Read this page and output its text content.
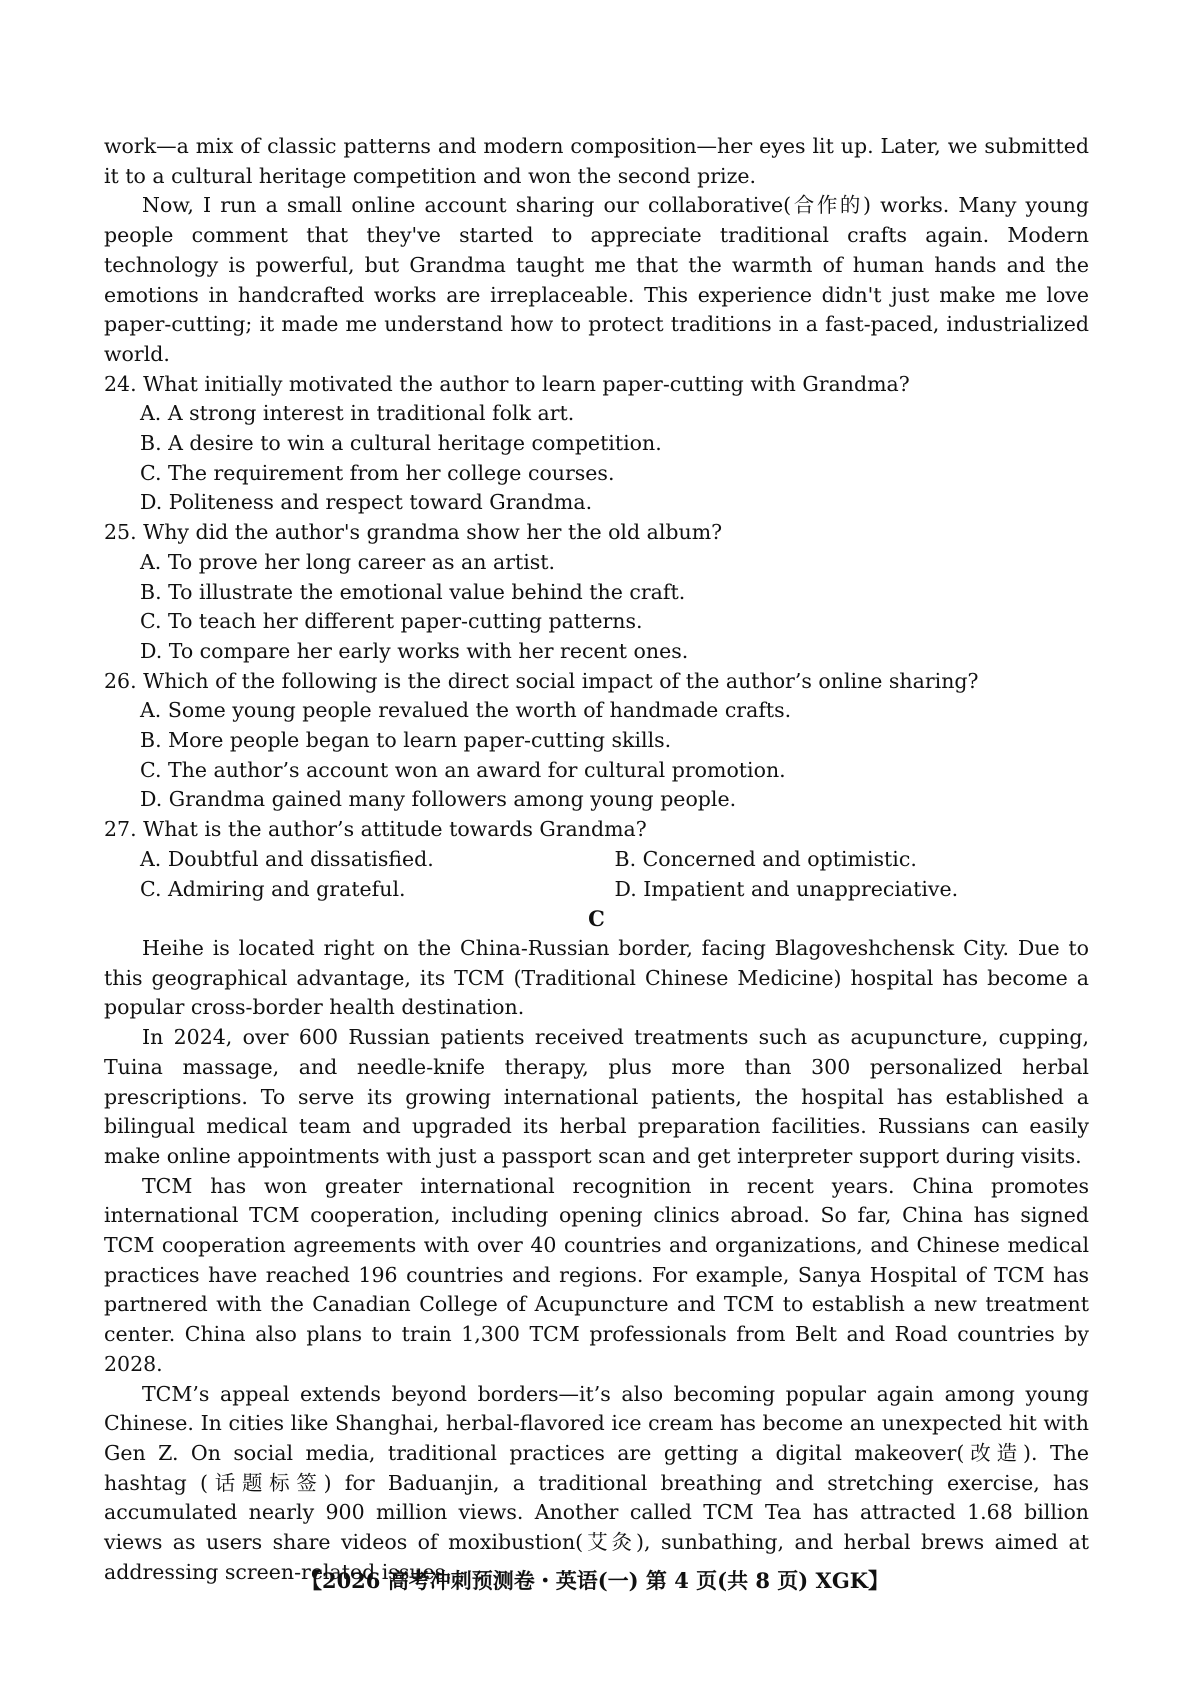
work—a mix of classic patterns and modern composition—her eyes lit up. Later, we submitted it to a cultural heritage competition and won the second prize.

Now, I run a small online account sharing our collaborative(合作的) works. Many young people comment that they've started to appreciate traditional crafts again. Modern technology is powerful, but Grandma taught me that the warmth of human hands and the emotions in handcrafted works are irreplaceable. This experience didn't just make me love paper-cutting; it made me understand how to protect traditions in a fast-paced, industrialized world.

24. What initially motivated the author to learn paper-cutting with Grandma?

A. A strong interest in traditional folk art.

B. A desire to win a cultural heritage competition.

C. The requirement from her college courses.

D. Politeness and respect toward Grandma.

25. Why did the author's grandma show her the old album?

A. To prove her long career as an artist.

B. To illustrate the emotional value behind the craft.

C. To teach her different paper-cutting patterns.

D. To compare her early works with her recent ones.

26. Which of the following is the direct social impact of the author’s online sharing?

A. Some young people revalued the worth of handmade crafts.

B. More people began to learn paper-cutting skills.

C. The author’s account won an award for cultural promotion.

D. Grandma gained many followers among young people.

27. What is the author’s attitude towards Grandma?

A. Doubtful and dissatisfied.	B. Concerned and optimistic.
C. Admiring and grateful.	D. Impatient and unappreciative.

C

Heihe is located right on the China-Russian border, facing Blagoveshchensk City. Due to this geographical advantage, its TCM (Traditional Chinese Medicine) hospital has become a popular cross-border health destination.

In 2024, over 600 Russian patients received treatments such as acupuncture, cupping, Tuina massage, and needle-knife therapy, plus more than 300 personalized herbal prescriptions. To serve its growing international patients, the hospital has established a bilingual medical team and upgraded its herbal preparation facilities. Russians can easily make online appointments with just a passport scan and get interpreter support during visits.

TCM has won greater international recognition in recent years. China promotes international TCM cooperation, including opening clinics abroad. So far, China has signed TCM cooperation agreements with over 40 countries and organizations, and Chinese medical practices have reached 196 countries and regions. For example, Sanya Hospital of TCM has partnered with the Canadian College of Acupuncture and TCM to establish a new treatment center. China also plans to train 1,300 TCM professionals from Belt and Road countries by 2028.

TCM’s appeal extends beyond borders—it’s also becoming popular again among young Chinese. In cities like Shanghai, herbal-flavored ice cream has become an unexpected hit with Gen Z. On social media, traditional practices are getting a digital makeover(改造). The hashtag (话题标签) for Baduanjin, a traditional breathing and stretching exercise, has accumulated nearly 900 million views. Another called TCM Tea has attracted 1.68 billion views as users share videos of moxibustion(艾灸), sunbathing, and herbal brews aimed at addressing screen-related issues.

【2026 高考冲刺预测卷・英语(一) 第 4 页(共 8 页) XGK】
